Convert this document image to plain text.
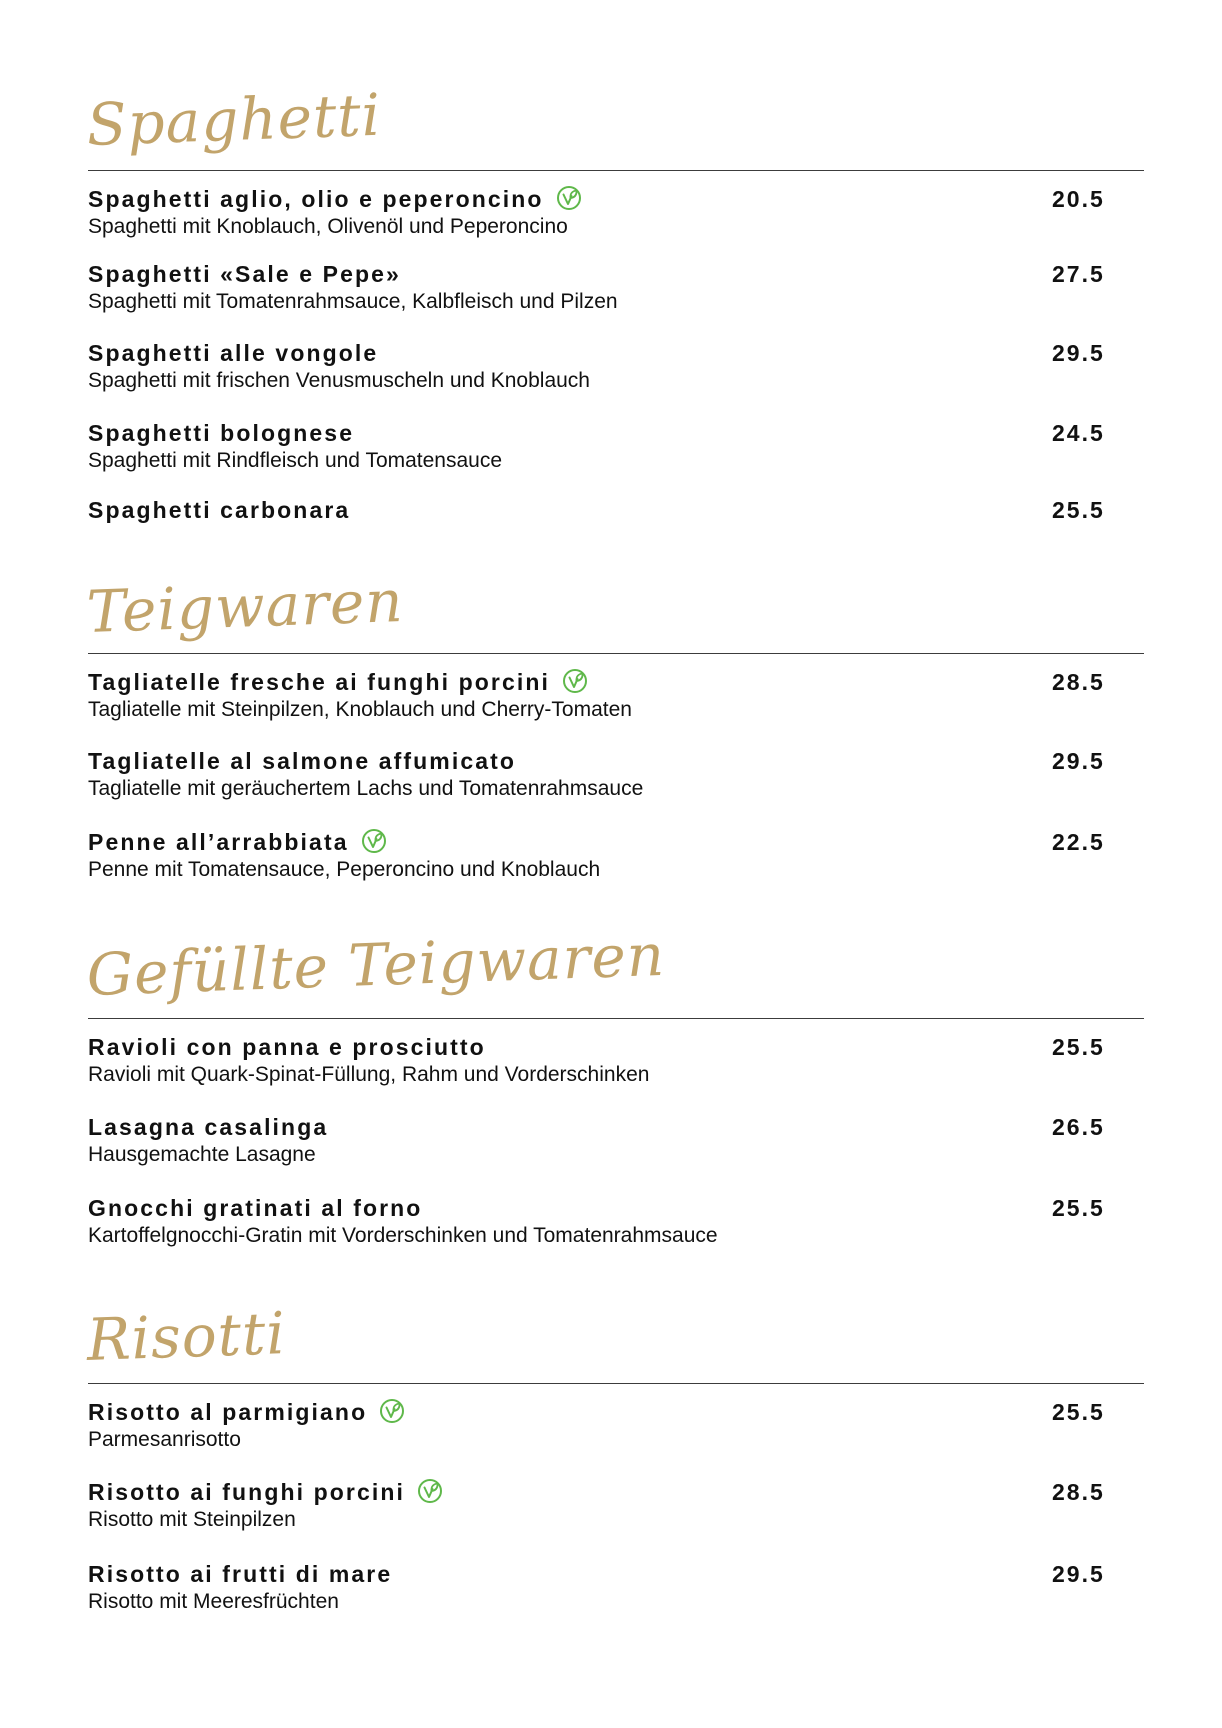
Spaghetti
Spaghetti aglio, olio e peperoncino
Spaghetti mit Knoblauch, Olivenöl und Peperoncino
20.5
Spaghetti «Sale e Pepe»
Spaghetti mit Tomatenrahmsauce, Kalbfleisch und Pilzen
27.5
Spaghetti alle vongole
Spaghetti mit frischen Venusmuscheln und Knoblauch
29.5
Spaghetti bolognese
Spaghetti mit Rindfleisch und Tomatensauce
24.5
Spaghetti carbonara	25.5
Teigwaren
Tagliatelle fresche ai funghi porcini
Tagliatelle mit Steinpilzen, Knoblauch und Cherry-Tomaten
28.5
Tagliatelle al salmone affumicato
Tagliatelle mit geräuchertem Lachs und Tomatenrahmsauce
29.5
Penne all’arrabbiata
Penne mit Tomatensauce, Peperoncino und Knoblauch
22.5
Gefüllte Teigwaren
Ravioli con panna e prosciutto
Ravioli mit Quark-Spinat-Füllung, Rahm und Vorderschinken
25.5
Lasagna casalinga
Hausgemachte Lasagne
26.5
Gnocchi gratinati al forno
Kartoffelgnocchi-Gratin mit Vorderschinken und Tomatenrahmsauce
25.5
Risotti
Risotto al parmigiano
Parmesanrisotto
25.5
Risotto ai funghi porcini
Risotto mit Steinpilzen
28.5
Risotto ai frutti di mare
Risotto mit Meeresfrüchten
29.5
